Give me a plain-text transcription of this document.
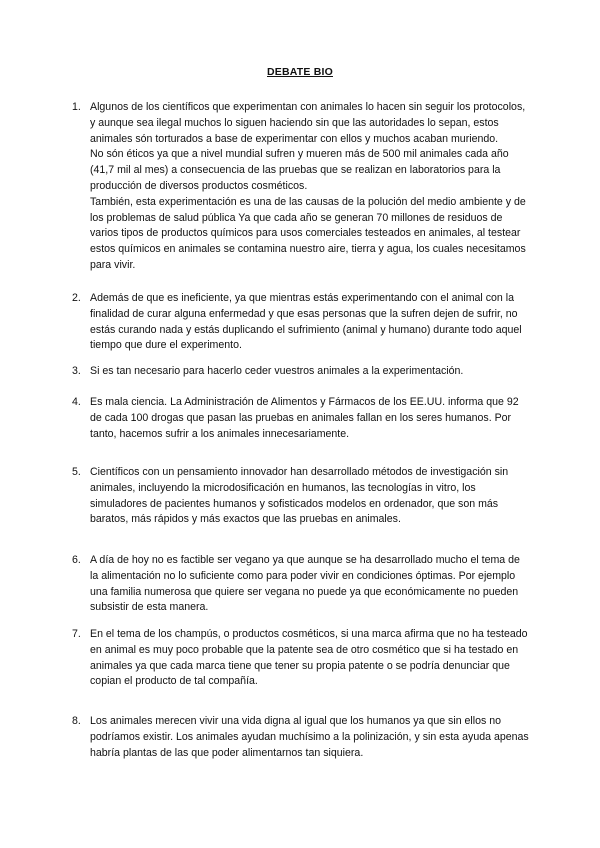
DEBATE BIO
1. Algunos de los científicos que experimentan con animales lo hacen sin seguir los protocolos, y aunque sea ilegal muchos lo siguen haciendo sin que las autoridades lo sepan, estos animales són torturados a base de experimentar con ellos y muchos acaban muriendo.

No són éticos ya que a nivel mundial sufren y mueren más de 500 mil animales cada año (41,7 mil al mes) a consecuencia de las pruebas que se realizan en laboratorios para la producción de diversos productos cosméticos.

También, esta experimentación es una de las causas de la polución del medio ambiente y de los problemas de salud pública Ya que cada año se generan 70 millones de residuos de varios tipos de productos químicos para usos comerciales testeados en animales, al testear estos químicos en animales se contamina nuestro aire, tierra y agua, los cuales necesitamos para vivir.

2. Además de que es ineficiente, ya que mientras estás experimentando con el animal con la finalidad de curar alguna enfermedad y que esas personas que la sufren dejen de sufrir, no estás curando nada y estás duplicando el sufrimiento (animal y humano) durante todo aquel tiempo que dure el experimento.

3. Si es tan necesario para hacerlo ceder vuestros animales a la experimentación.

4. Es mala ciencia. La Administración de Alimentos y Fármacos de los EE.UU. informa que 92 de cada 100 drogas que pasan las pruebas en animales fallan en los seres humanos. Por tanto, hacemos sufrir a los animales innecesariamente.

5. Científicos con un pensamiento innovador han desarrollado métodos de investigación sin animales, incluyendo la microdosificación en humanos, las tecnologías in vitro, los simuladores de pacientes humanos y sofisticados modelos en ordenador, que son más baratos, más rápidos y más exactos que las pruebas en animales.

6. A día de hoy no es factible ser vegano ya que aunque se ha desarrollado mucho el tema de la alimentación no lo suficiente como para poder vivir en condiciones óptimas. Por ejemplo una familia numerosa que quiere ser vegana no puede ya que económicamente no pueden subsistir de esta manera.

7. En el tema de los champús, o productos cosméticos, si una marca afirma que no ha testeado en animal es muy poco probable que la patente sea de otro cosmético que si ha testado en animales ya que cada marca tiene que tener su propia patente o se podría denunciar que copian el producto de tal compañía.

8. Los animales merecen vivir una vida digna al igual que los humanos ya que sin ellos no podríamos existir. Los animales ayudan muchísimo a la polinización, y sin esta ayuda apenas habría plantas de las que poder alimentarnos tan siquiera.
